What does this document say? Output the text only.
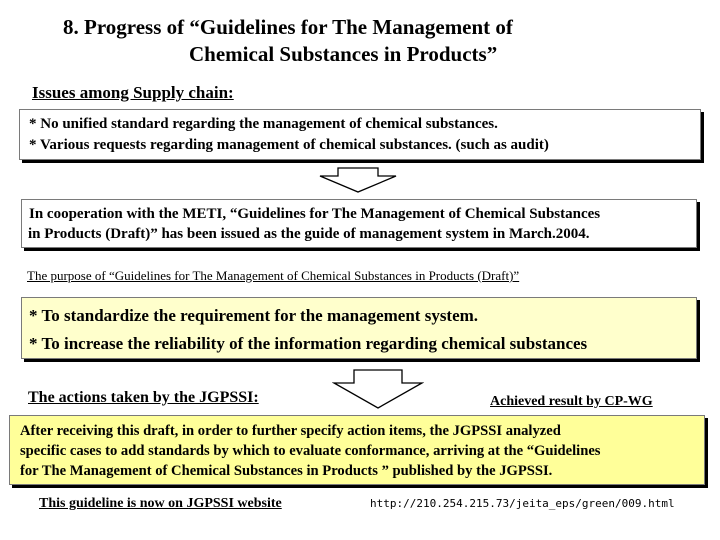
8. Progress of “Guidelines for The Management of
Chemical Substances in Products”
Issues among Supply chain:
* No unified standard regarding the management of chemical substances.
* Various requests regarding management of chemical substances. (such as audit)
In cooperation with the METI, “Guidelines for The Management of Chemical Substances
in Products (Draft)” has been issued as the guide of management system in March.2004.
The purpose of “Guidelines for The Management of Chemical Substances in Products (Draft)”
* To standardize the requirement for the management system.
* To increase the reliability of the information regarding chemical substances
The actions taken by the JGPSSI:	Achieved result by CP-WG
After receiving this draft, in order to further specify action items, the JGPSSI analyzed
specific cases to add standards by which to evaluate conformance, arriving at the “Guidelines
for The Management of Chemical Substances in Products ” published by the JGPSSI.
This guideline is now on JGPSSI website	http://210.254.215.73/jeita_eps/green/009.html
